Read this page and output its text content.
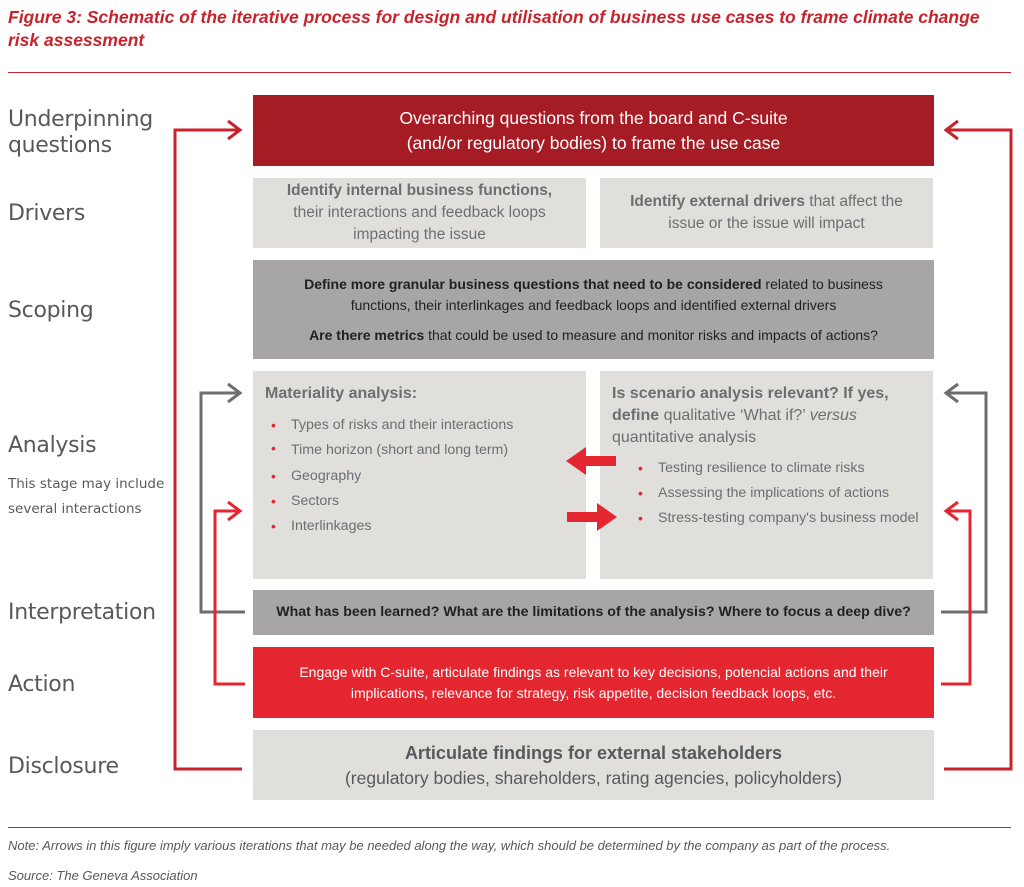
Figure 3: Schematic of the iterative process for design and utilisation of business use cases to frame climate change risk assessment
Underpinning questions
Drivers
Scoping
Analysis
This stage may include several interactions
Interpretation
Action
Disclosure
Overarching questions from the board and C-suite (and/or regulatory bodies) to frame the use case
Identify internal business functions,
their interactions and feedback loops impacting the issue
Identify external drivers that affect the issue or the issue will impact
Define more granular business questions that need to be considered related to business functions, their interlinkages and feedback loops and identified external drivers
Are there metrics that could be used to measure and monitor risks and impacts of actions?
Materiality analysis:
• Types of risks and their interactions
• Time horizon (short and long term)
• Geography
• Sectors
• Interlinkages
Is scenario analysis relevant? If yes,
define qualitative ‘What if?’ versus quantitative analysis
• Testing resilience to climate risks
• Assessing the implications of actions
• Stress-testing company's business model
What has been learned? What are the limitations of the analysis? Where to focus a deep dive?
Engage with C-suite, articulate findings as relevant to key decisions, potencial actions and their implications, relevance for strategy, risk appetite, decision feedback loops, etc.
Articulate findings for external stakeholders
(regulatory bodies, shareholders, rating agencies, policyholders)
Note: Arrows in this figure imply various iterations that may be needed along the way, which should be determined by the company as part of the process.
Source: The Geneva Association
